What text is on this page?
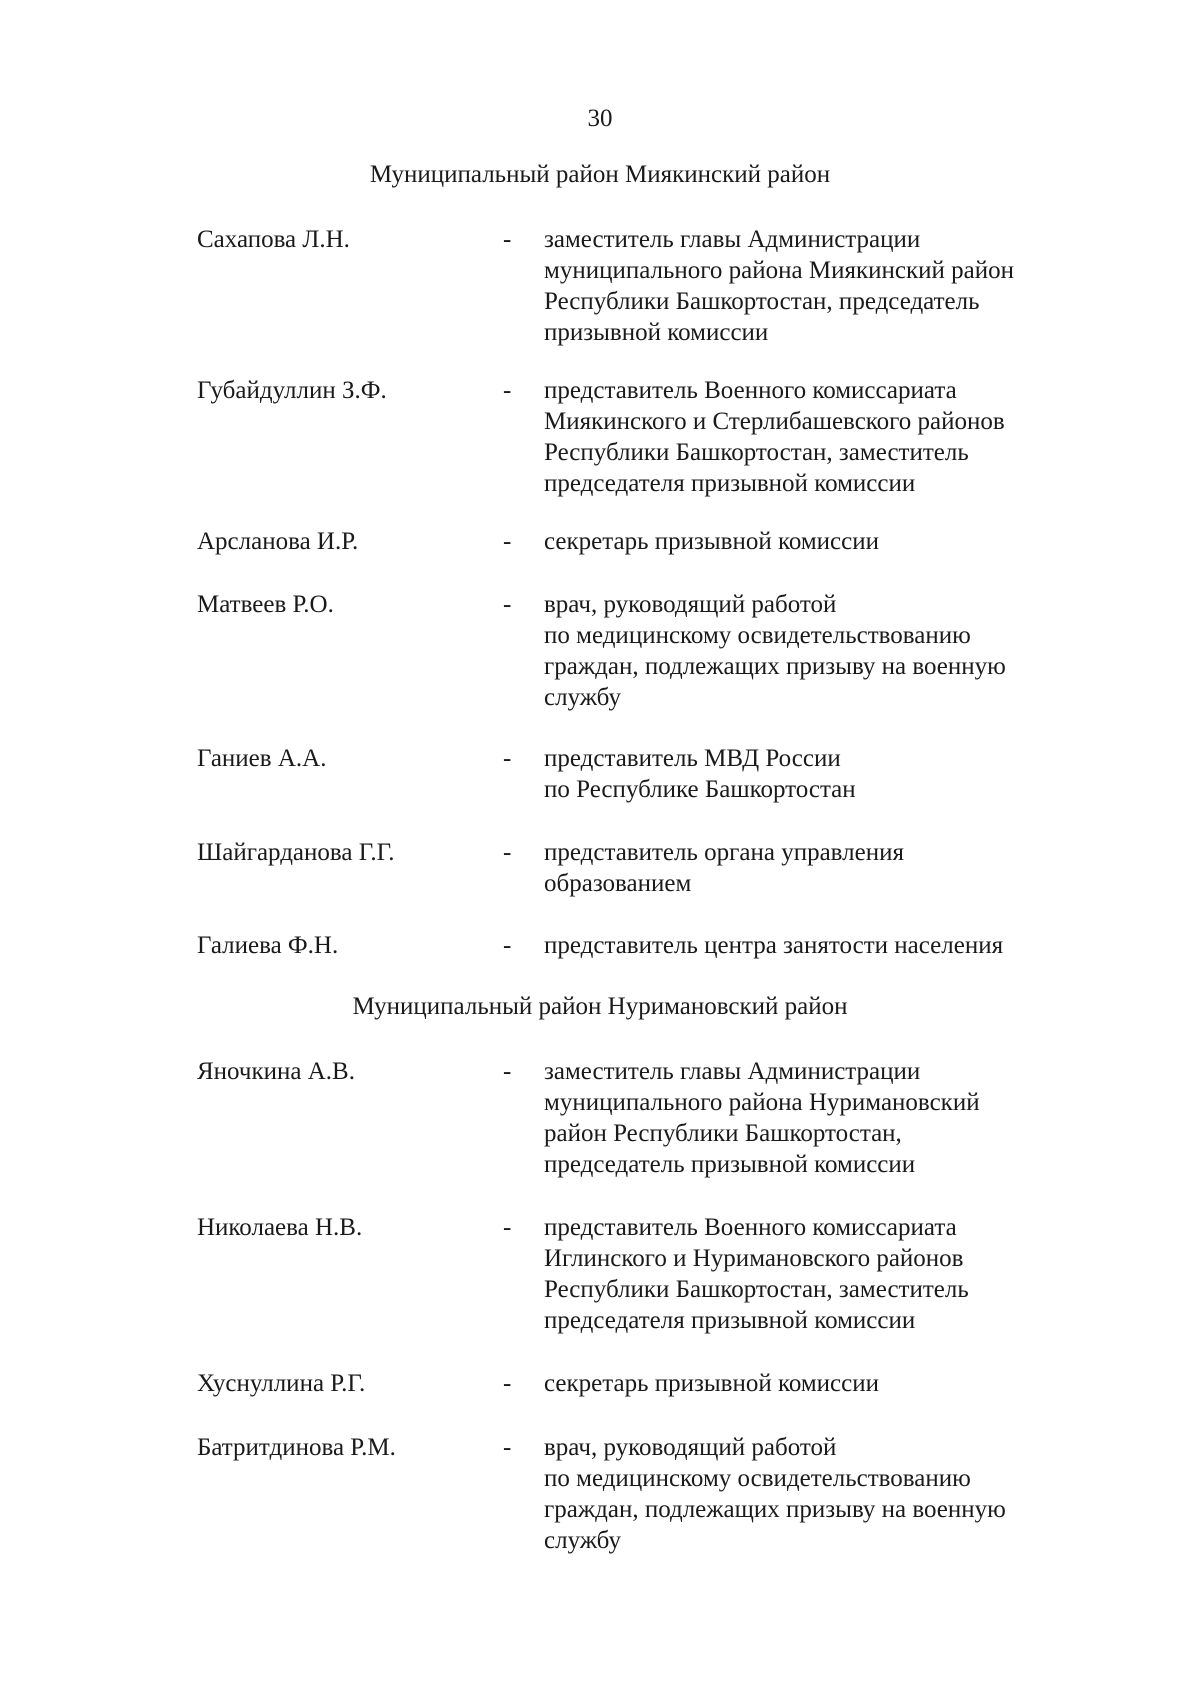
30
Муниципальный район Миякинский район
Сахапова Л.Н.	- заместитель главы Администрации
муниципального района Миякинский район
Республики Башкортостан, председатель
призывной комиссии
Губайдуллин З.Ф.	- представитель Военного комиссариата
Миякинского и Стерлибашевского районов
Республики Башкортостан, заместитель
председателя призывной комиссии
Арсланова И.Р.	- секретарь призывной комиссии
Матвеев Р.О.	- врач, руководящий работой
по медицинскому освидетельствованию
граждан, подлежащих призыву на военную
службу
Ганиев А.А.	- представитель МВД России
по Республике Башкортостан
Шайгарданова Г.Г.	- представитель органа управления
образованием
Галиева Ф.Н.	- представитель центра занятости населения
Муниципальный район Нуримановский район
Яночкина А.В.	- заместитель главы Администрации
муниципального района Нуримановский
район Республики Башкортостан,
председатель призывной комиссии
Николаева Н.В.	- представитель Военного комиссариата
Иглинского и Нуримановского районов
Республики Башкортостан, заместитель
председателя призывной комиссии
Хуснуллина Р.Г.	- секретарь призывной комиссии
Батритдинова Р.М.	- врач, руководящий работой
по медицинскому освидетельствованию
граждан, подлежащих призыву на военную
службу
